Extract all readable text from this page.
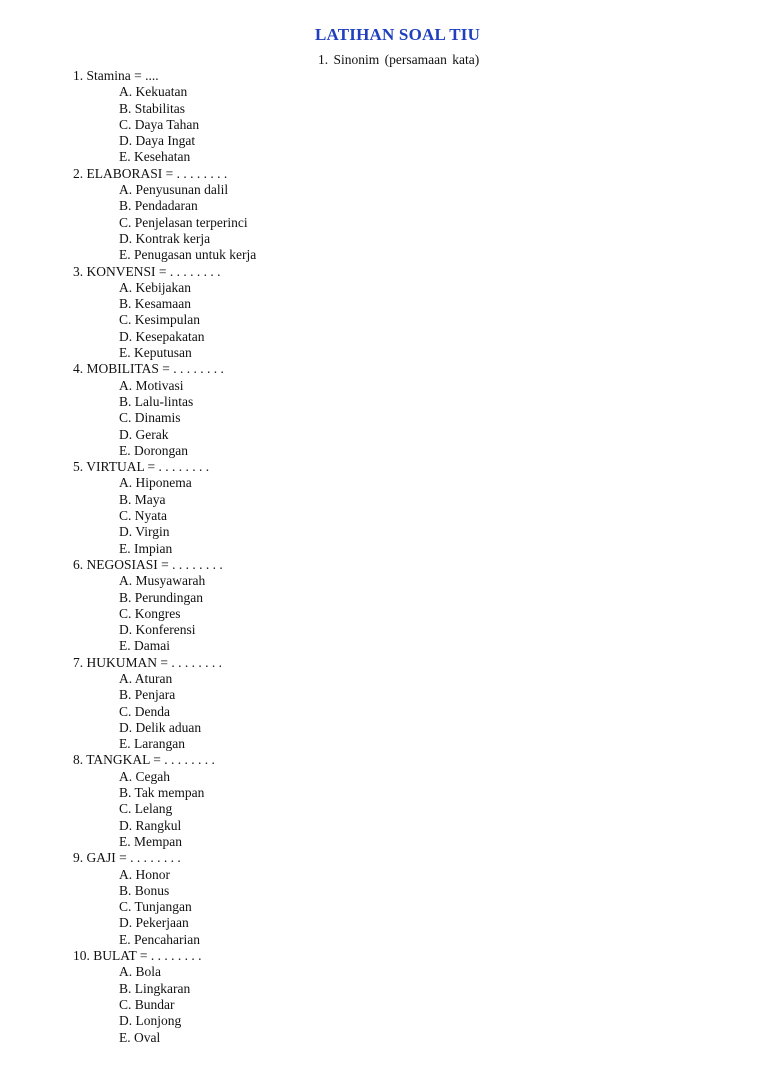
LATIHAN SOAL TIU
1. Sinonim (persamaan kata)
1. Stamina = ....
A. Kekuatan
B. Stabilitas
C. Daya Tahan
D. Daya Ingat
E. Kesehatan
2. ELABORASI = . . . . . . . .
A. Penyusunan dalil
B. Pendadaran
C. Penjelasan terperinci
D. Kontrak kerja
E. Penugasan untuk kerja
3. KONVENSI = . . . . . . . .
A. Kebijakan
B. Kesamaan
C. Kesimpulan
D. Kesepakatan
E. Keputusan
4. MOBILITAS = . . . . . . . .
A. Motivasi
B. Lalu-lintas
C. Dinamis
D. Gerak
E. Dorongan
5. VIRTUAL = . . . . . . . .
A. Hiponema
B. Maya
C. Nyata
D. Virgin
E. Impian
6. NEGOSIASI = . . . . . . . .
A. Musyawarah
B. Perundingan
C. Kongres
D. Konferensi
E. Damai
7. HUKUMAN = . . . . . . . .
A. Aturan
B. Penjara
C. Denda
D. Delik aduan
E. Larangan
8. TANGKAL = . . . . . . . .
A. Cegah
B. Tak mempan
C. Lelang
D. Rangkul
E. Mempan
9. GAJI = . . . . . . . .
A. Honor
B. Bonus
C. Tunjangan
D. Pekerjaan
E. Pencaharian
10. BULAT = . . . . . . . .
A. Bola
B. Lingkaran
C. Bundar
D. Lonjong
E. Oval
